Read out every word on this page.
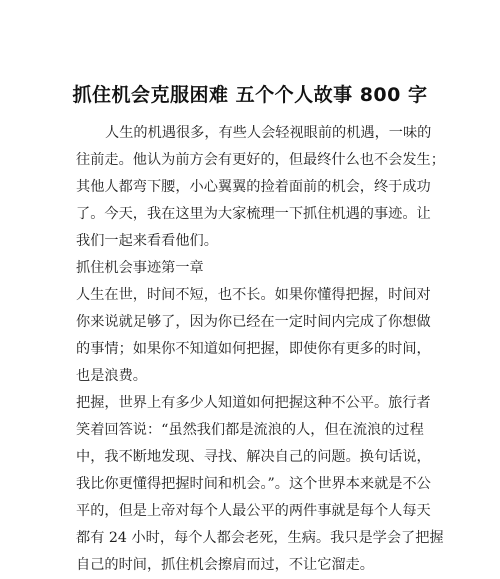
抓住机会克服困难 五个个人故事 800 字
人生的机遇很多，有些人会轻视眼前的机遇，一味的
往前走。他认为前方会有更好的，但最终什么也不会发生；
其他人都弯下腰，小心翼翼的捡着面前的机会，终于成功
了。今天，我在这里为大家梳理一下抓住机遇的事迹。让
我们一起来看看他们。
抓住机会事迹第一章
人生在世，时间不短，也不长。如果你懂得把握，时间对
你来说就足够了，因为你已经在一定时间内完成了你想做
的事情；如果你不知道如何把握，即使你有更多的时间，
也是浪费。
把握，世界上有多少人知道如何把握这种不公平。旅行者
笑着回答说：“虽然我们都是流浪的人，但在流浪的过程
中，我不断地发现、寻找、解决自己的问题。换句话说，
我比你更懂得把握时间和机会。”。这个世界本来就是不公
平的，但是上帝对每个人最公平的两件事就是每个人每天
都有 24 小时，每个人都会老死，生病。我只是学会了把握
自己的时间，抓住机会擦肩而过，不让它溜走。
